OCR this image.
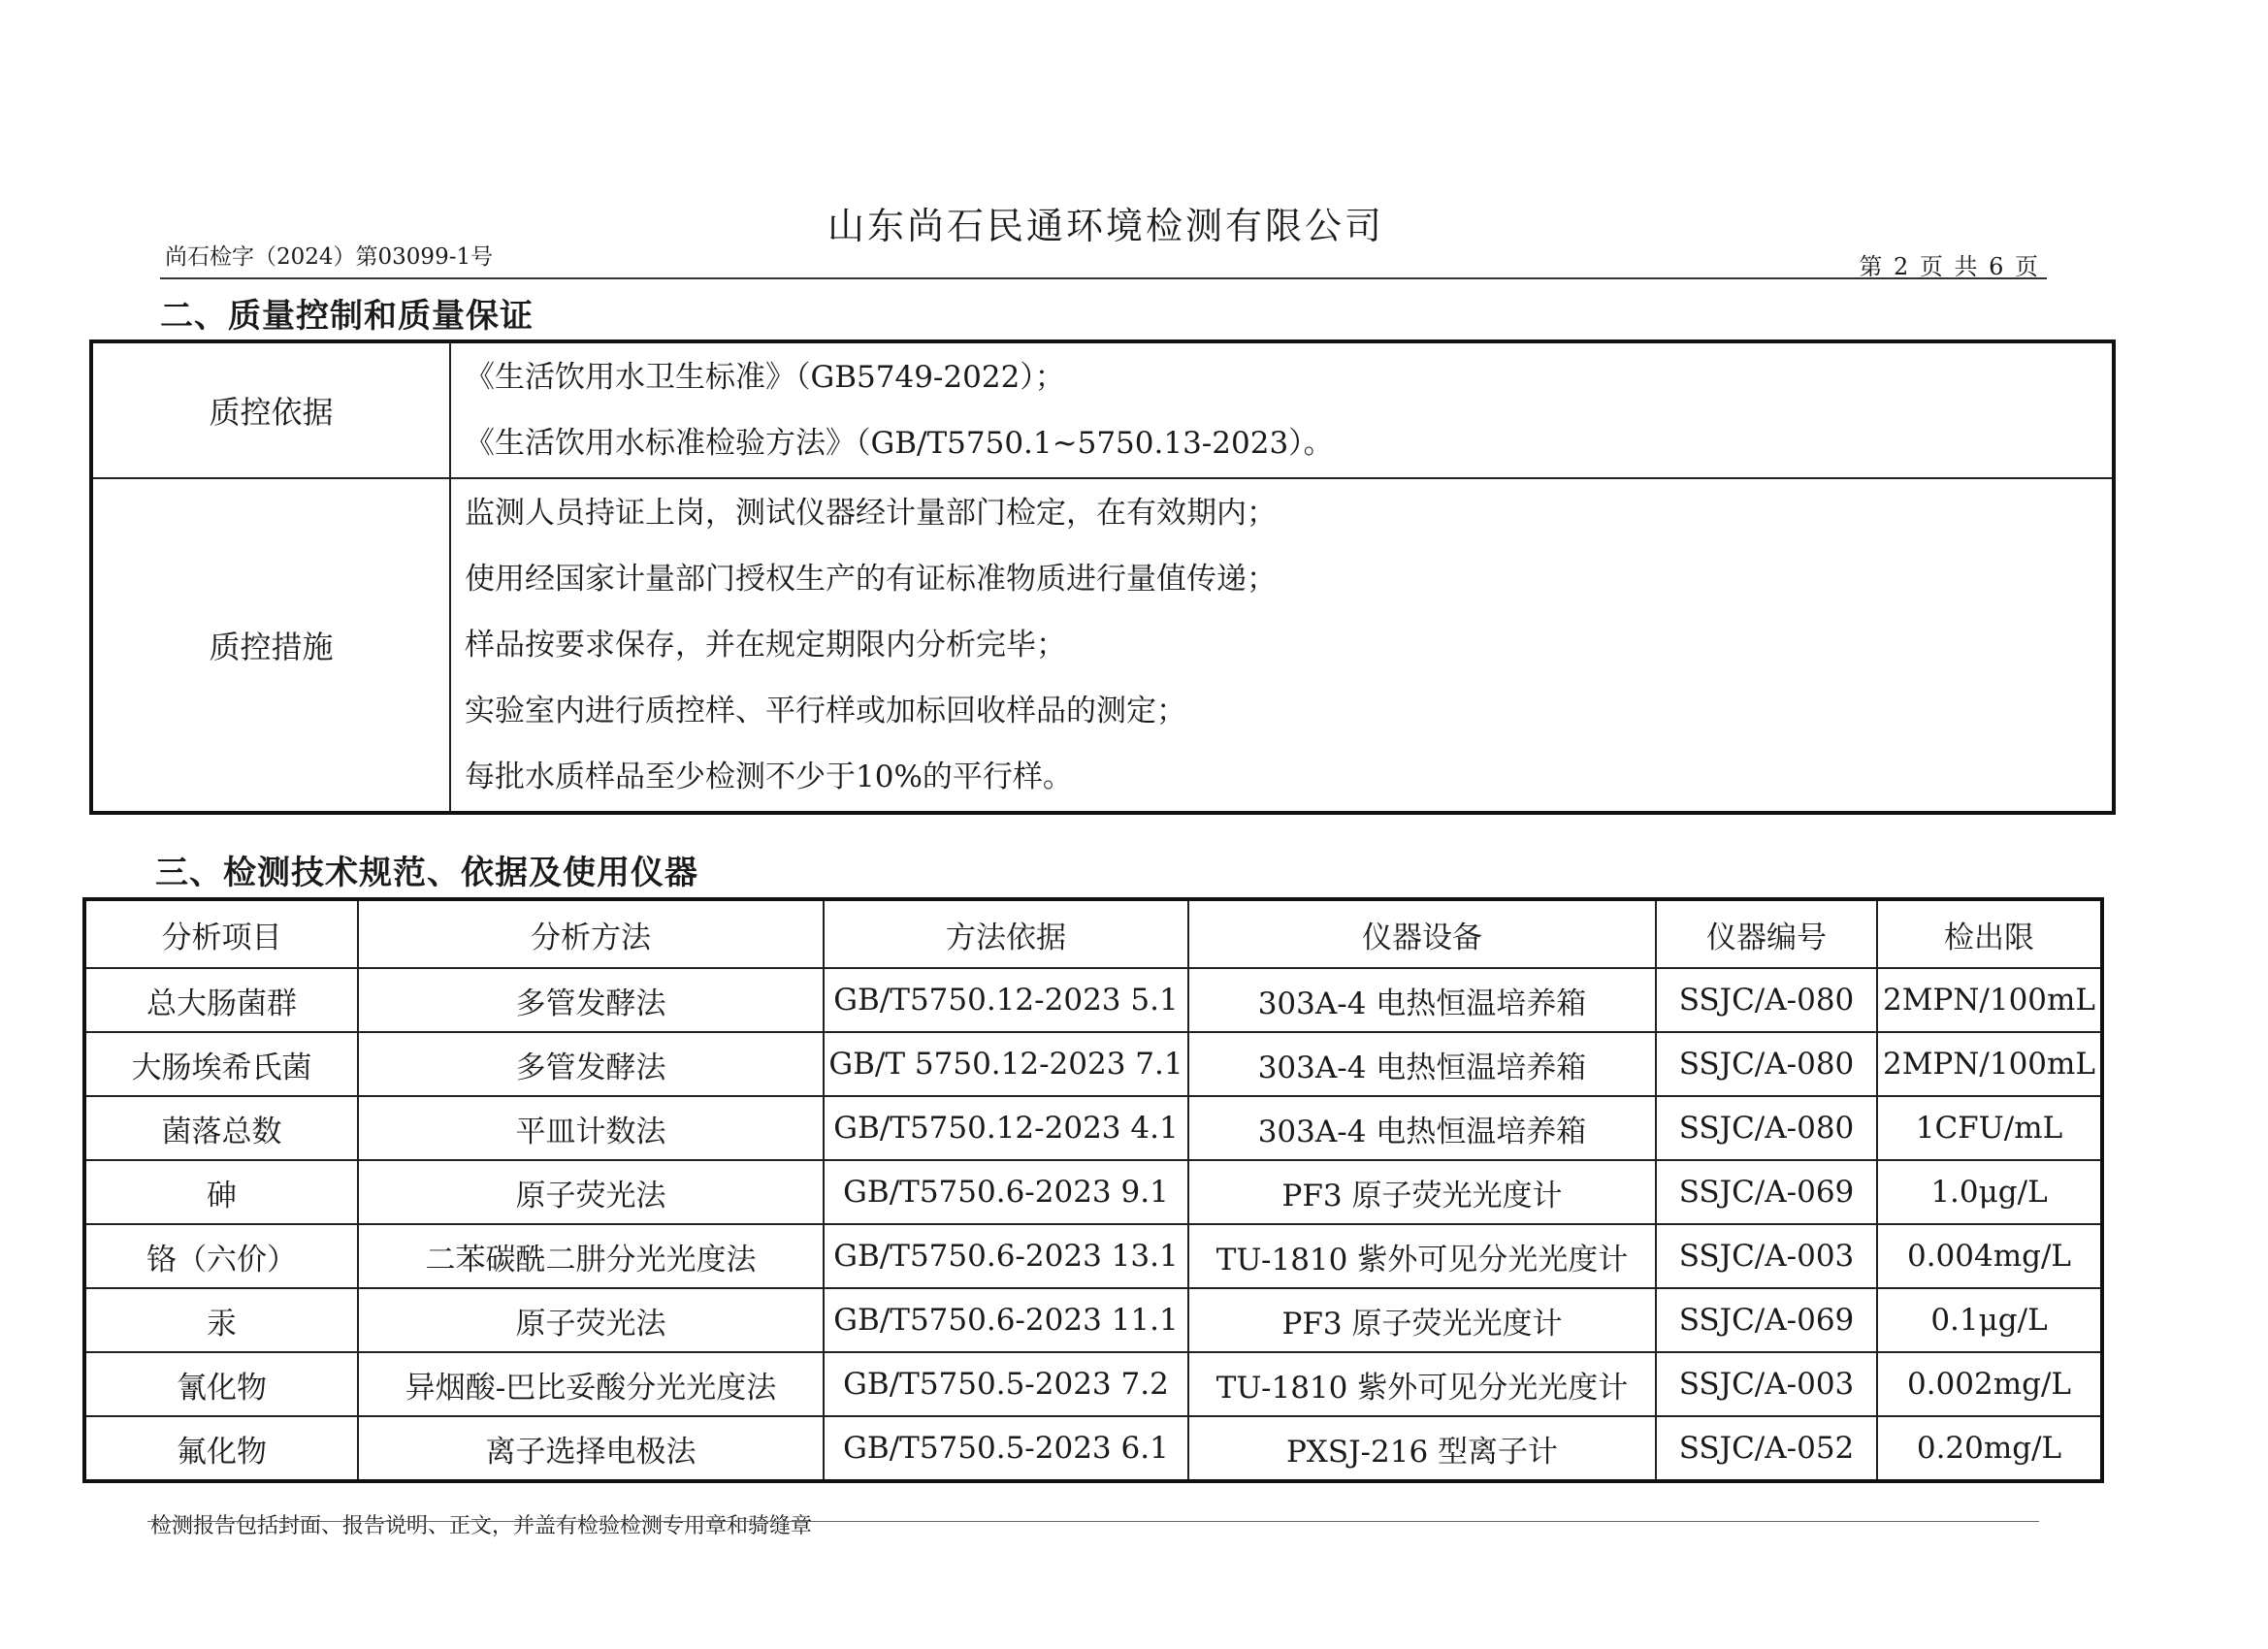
山东尚石民通环境检测有限公司
尚石检字（2024）第03099-1号	第 2 页 共 6 页
二、质量控制和质量保证
质控依据	《生活饮用水卫生标准》（GB5749-2022）；
《生活饮用水标准检验方法》（GB/T5750.1~5750.13-2023）。

质控措施	监测人员持证上岗，测试仪器经计量部门检定，在有效期内；
使用经国家计量部门授权生产的有证标准物质进行量值传递；
样品按要求保存，并在规定期限内分析完毕；
实验室内进行质控样、平行样或加标回收样品的测定；
每批水质样品至少检测不少于10%的平行样。
三、检测技术规范、依据及使用仪器
分析项目	分析方法	方法依据	仪器设备	仪器编号	检出限
总大肠菌群	多管发酵法	GB/T5750.12-2023 5.1	303A-4 电热恒温培养箱	SSJC/A-080	2MPN/100mL
大肠埃希氏菌	多管发酵法	GB/T 5750.12-2023 7.1	303A-4 电热恒温培养箱	SSJC/A-080	2MPN/100mL
菌落总数	平皿计数法	GB/T5750.12-2023 4.1	303A-4 电热恒温培养箱	SSJC/A-080	1CFU/mL
砷	原子荧光法	GB/T5750.6-2023 9.1	PF3 原子荧光光度计	SSJC/A-069	1.0μg/L
铬（六价）	二苯碳酰二肼分光光度法	GB/T5750.6-2023 13.1	TU-1810 紫外可见分光光度计	SSJC/A-003	0.004mg/L
汞	原子荧光法	GB/T5750.6-2023 11.1	PF3 原子荧光光度计	SSJC/A-069	0.1μg/L
氰化物	异烟酸-巴比妥酸分光光度法	GB/T5750.5-2023 7.2	TU-1810 紫外可见分光光度计	SSJC/A-003	0.002mg/L
氟化物	离子选择电极法	GB/T5750.5-2023 6.1	PXSJ-216 型离子计	SSJC/A-052	0.20mg/L
检测报告包括封面、报告说明、正文，并盖有检验检测专用章和骑缝章
